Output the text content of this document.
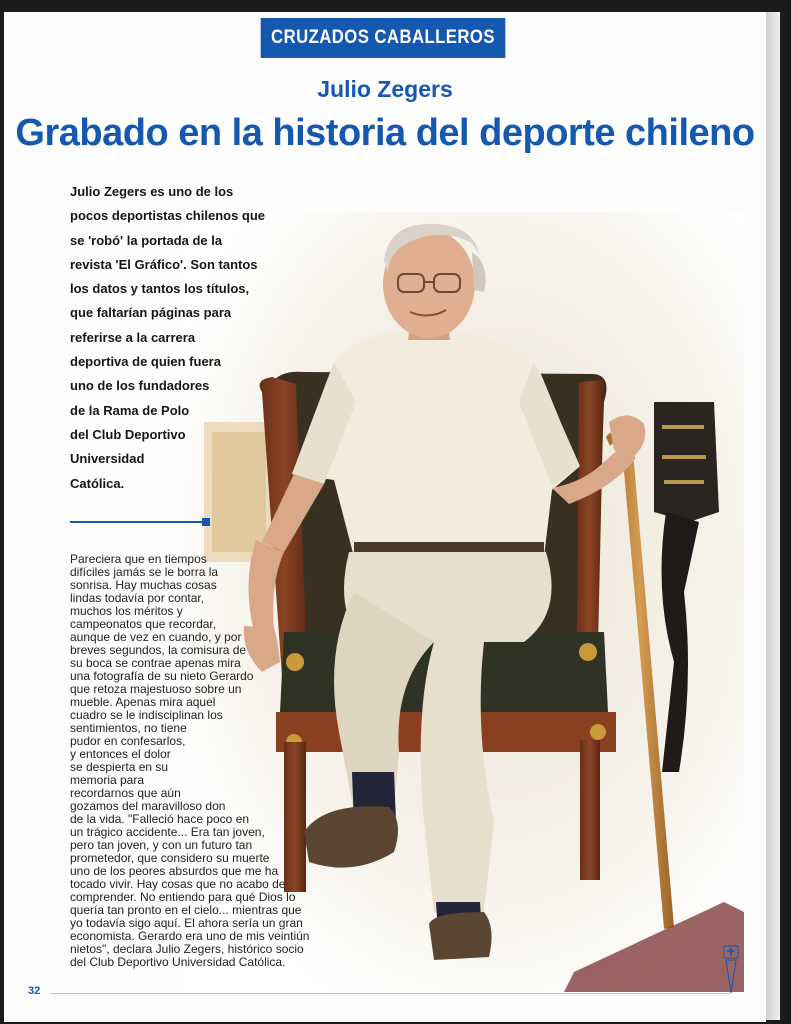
CRUZADOS CABALLEROS
Julio Zegers
Grabado en la historia del deporte chileno
Julio Zegers es uno de los
pocos deportistas chilenos que
se 'robó' la portada de la
revista 'El Gráfico'. Son tantos
los datos y tantos los títulos,
que faltarían páginas para
referirse a la carrera
deportiva de quien fuera
uno de los fundadores
de la Rama de Polo
del Club Deportivo
Universidad
Católica.
Pareciera que en tiempos
difíciles jamás se le borra la
sonrisa. Hay muchas cosas
lindas todavía por contar,
muchos los méritos y
campeonatos que recordar,
aunque de vez en cuando, y por
breves segundos, la comisura de
su boca se contrae apenas mira
una fotografía de su nieto Gerardo
que retoza majestuoso sobre un
mueble. Apenas mira aquel
cuadro se le indisciplinan los
sentimientos, no tiene
pudor en confesarlos,
y entonces el dolor
se despierta en su
memoria para
recordarnos que aún
gozamos del maravilloso don
de la vida. "Falleció hace poco en
un trágico accidente... Era tan joven,
pero tan joven, y con un futuro tan
prometedor, que considero su muerte
uno de los peores absurdos que me ha
tocado vivir. Hay cosas que no acabo de
comprender. No entiendo para qué Dios lo
quería tan pronto en el cielo... mientras que
yo todavía sigo aquí. El ahora sería un gran
economista. Gerardo era uno de mis veintiún
nietos", declara Julio Zegers, histórico socio
del Club Deportivo Universidad Católica.
32
